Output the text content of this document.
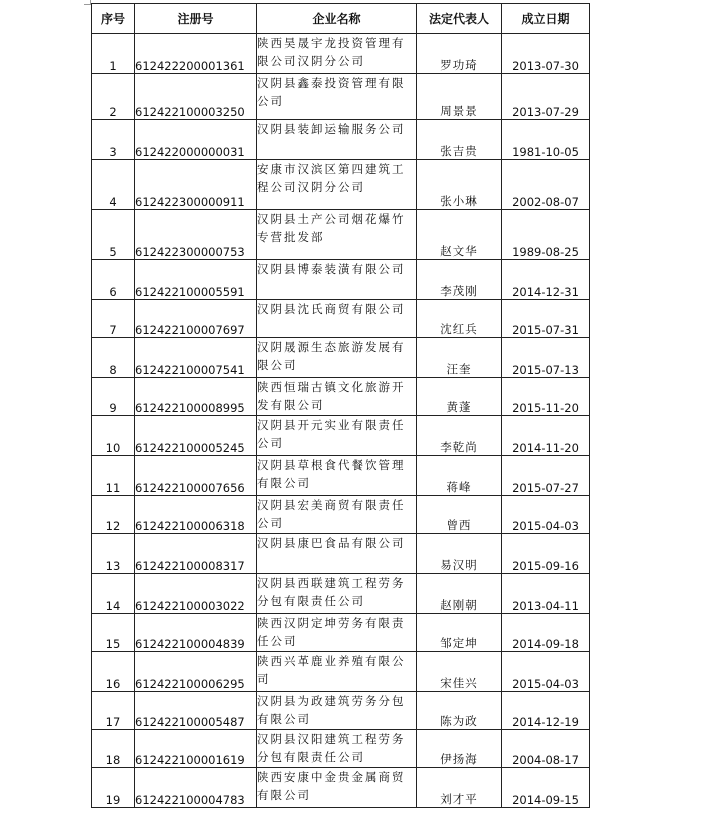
序号	注册号	企业名称	法定代表人	成立日期
1	612422200001361	陕西昊晟宇龙投资管理有限公司汉阴分公司	罗功琦	2013-07-30
2	612422100003250	汉阴县鑫泰投资管理有限公司	周景景	2013-07-29
3	612422000000031	汉阴县装卸运输服务公司	张吉贵	1981-10-05
4	612422300000911	安康市汉滨区第四建筑工程公司汉阴分公司	张小琳	2002-08-07
5	612422300000753	汉阴县土产公司烟花爆竹专营批发部	赵文华	1989-08-25
6	612422100005591	汉阴县博泰装潢有限公司	李茂刚	2014-12-31
7	612422100007697	汉阴县沈氏商贸有限公司	沈红兵	2015-07-31
8	612422100007541	汉阴晟源生态旅游发展有限公司	汪奎	2015-07-13
9	612422100008995	陕西恒瑞古镇文化旅游开发有限公司	黄蓬	2015-11-20
10	612422100005245	汉阴县开元实业有限责任公司	李乾尚	2014-11-20
11	612422100007656	汉阴县草根食代餐饮管理有限公司	蒋峰	2015-07-27
12	612422100006318	汉阴县宏美商贸有限责任公司	曾西	2015-04-03
13	612422100008317	汉阴县康巴食品有限公司	易汉明	2015-09-16
14	612422100003022	汉阴县西联建筑工程劳务分包有限责任公司	赵刚朝	2013-04-11
15	612422100004839	陕西汉阴定坤劳务有限责任公司	邹定坤	2014-09-18
16	612422100006295	陕西兴革鹿业养殖有限公司	宋佳兴	2015-04-03
17	612422100005487	汉阴县为政建筑劳务分包有限公司	陈为政	2014-12-19
18	612422100001619	汉阴县汉阳建筑工程劳务分包有限责任公司	伊扬海	2004-08-17
19	612422100004783	陕西安康中金贵金属商贸有限公司	刘才平	2014-09-15
